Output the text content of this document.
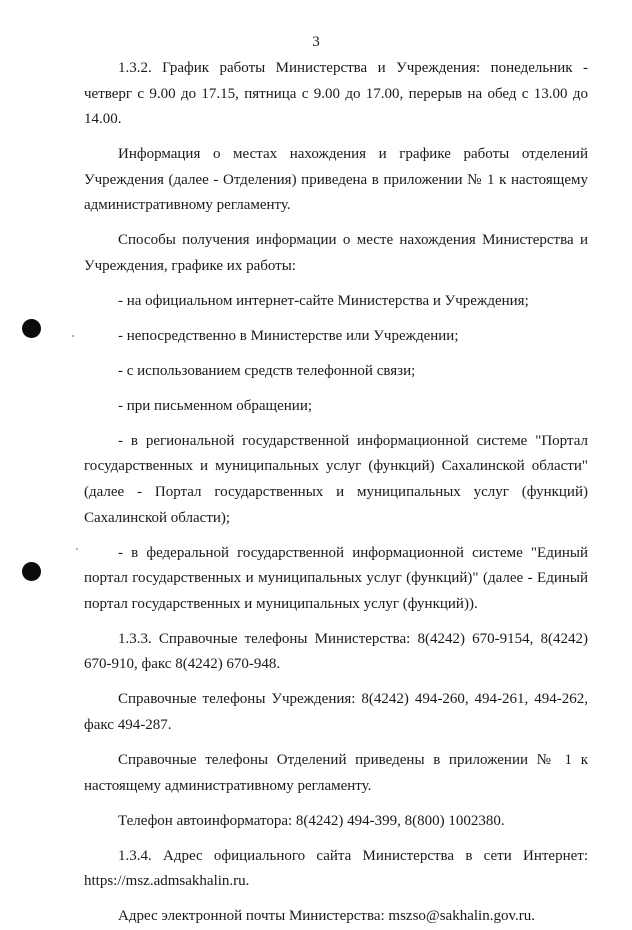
3

1.3.2. График работы Министерства и Учреждения: понедельник - четверг с 9.00 до 17.15, пятница с 9.00 до 17.00, перерыв на обед с 13.00 до 14.00.

Информация о местах нахождения и графике работы отделений Учреждения (далее - Отделения) приведена в приложении № 1 к настоящему административному регламенту.

Способы получения информации о месте нахождения Министерства и Учреждения, графике их работы:

- на официальном интернет-сайте Министерства и Учреждения;

- непосредственно в Министерстве или Учреждении;

- с использованием средств телефонной связи;

- при письменном обращении;

- в региональной государственной информационной системе "Портал государственных и муниципальных услуг (функций) Сахалинской области" (далее - Портал государственных и муниципальных услуг (функций) Сахалинской области);

- в федеральной государственной информационной системе "Единый портал государственных и муниципальных услуг (функций)" (далее - Единый портал государственных и муниципальных услуг (функций)).

1.3.3. Справочные телефоны Министерства: 8(4242) 670-9154, 8(4242) 670-910, факс 8(4242) 670-948.

Справочные телефоны Учреждения: 8(4242) 494-260, 494-261, 494-262, факс 494-287.

Справочные телефоны Отделений приведены в приложении № 1 к настоящему административному регламенту.

Телефон автоинформатора: 8(4242) 494-399, 8(800) 1002380.

1.3.4. Адрес официального сайта Министерства в сети Интернет: https://msz.admsakhalin.ru.

Адрес электронной почты Министерства: mszso@sakhalin.gov.ru.
